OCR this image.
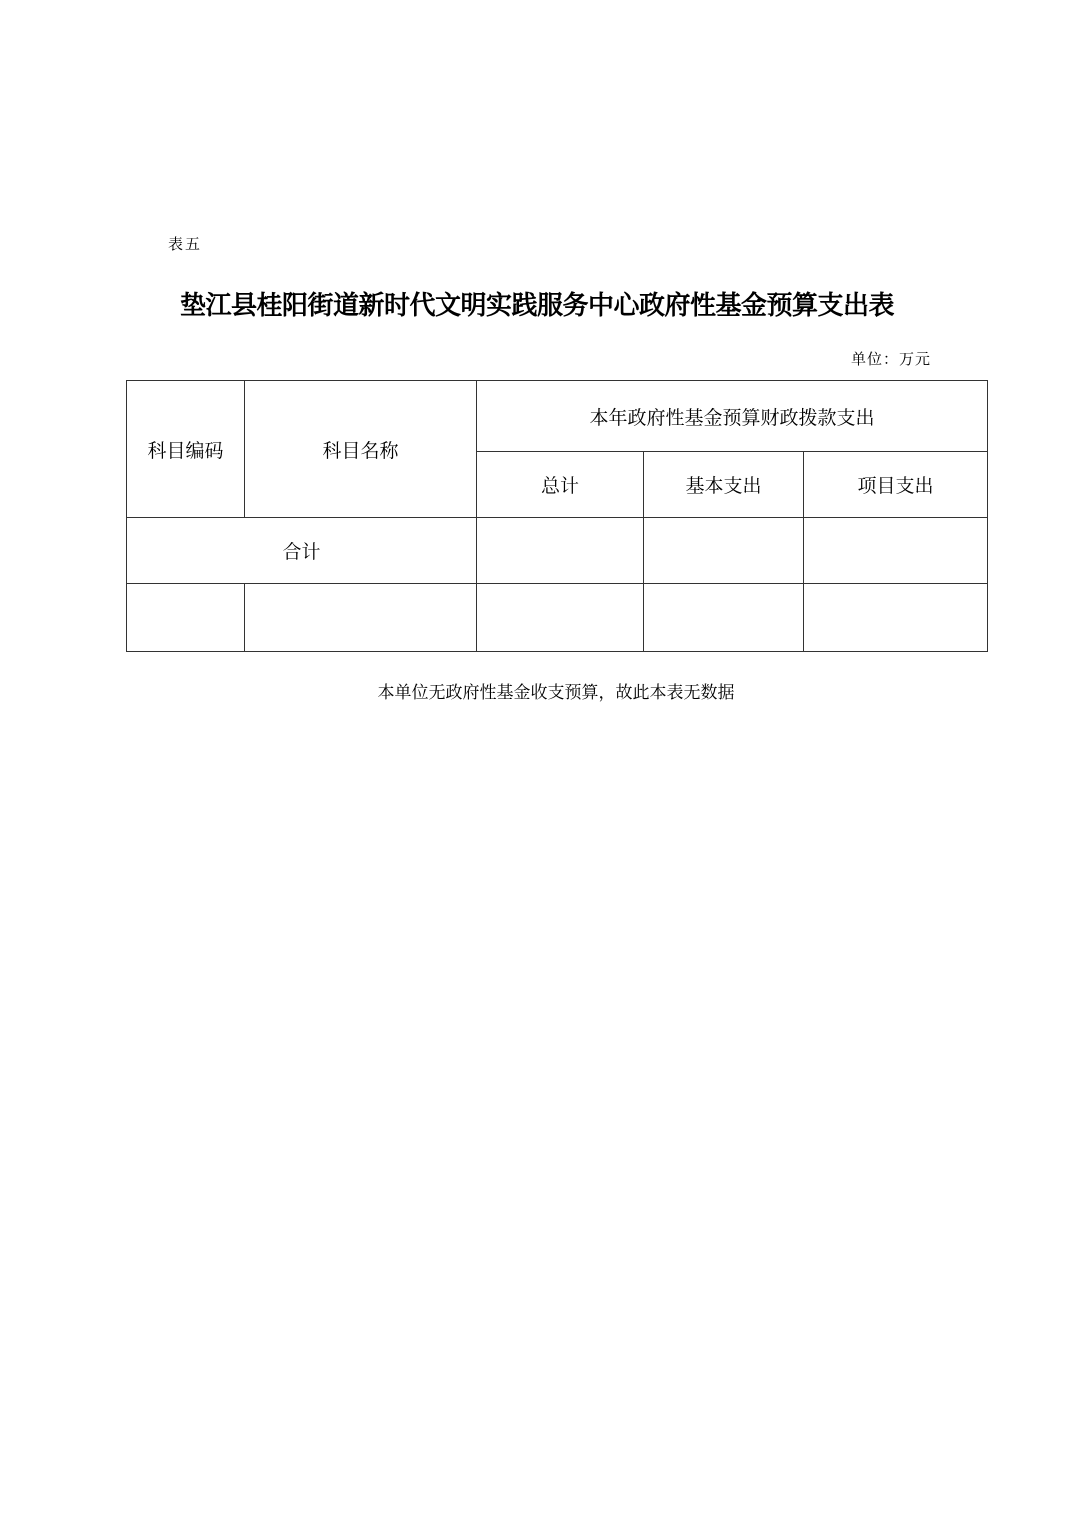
表五
垫江县桂阳街道新时代文明实践服务中心政府性基金预算支出表
单位：万元
科目编码	科目名称	本年政府性基金预算财政拨款支出		
		总计	基本支出	项目支出
合计				

本单位无政府性基金收支预算，故此本表无数据
